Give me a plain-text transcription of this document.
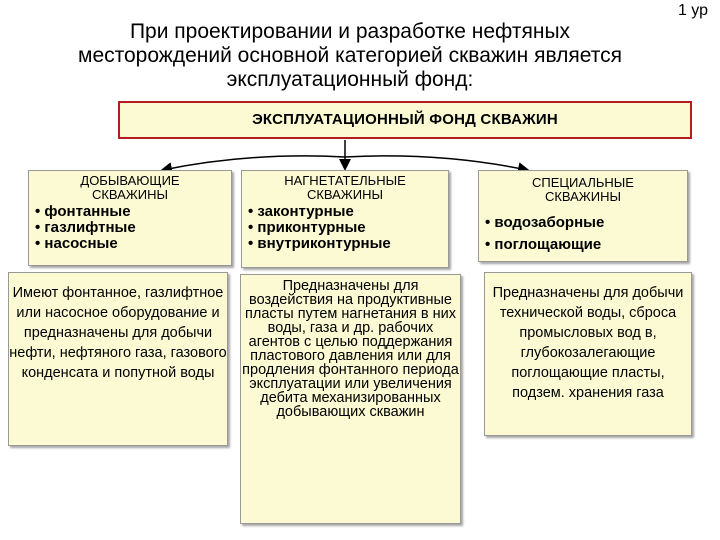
1 ур
При проектировании и разработке нефтяных месторождений основной категорией скважин является эксплуатационный фонд:
ЭКСПЛУАТАЦИОННЫЙ ФОНД СКВАЖИН
ДОБЫВАЮЩИЕ
СКВАЖИНЫ
• фонтанные
• газлифтные
• насосные
Имеют фонтанное, газлифтное или насосное оборудование и предназначены для добычи нефти, нефтяного газа, газового конденсата и попутной воды
НАГНЕТАТЕЛЬНЫЕ
СКВАЖИНЫ
• законтурные
• приконтурные
• внутриконтурные
Предназначены для воздействия на продуктивные пласты путем нагнетания в них воды, газа и др. рабочих агентов с целью поддержания пластового давления или для продления фонтанного периода эксплуатации или увеличения дебита механизированных добывающих скважин
СПЕЦИАЛЬНЫЕ
СКВАЖИНЫ
• водозаборные
• поглощающие
Предназначены для добычи технической воды, сброса промысловых вод в, глубокозалегающие поглощающие пласты, подзем. хранения газа
